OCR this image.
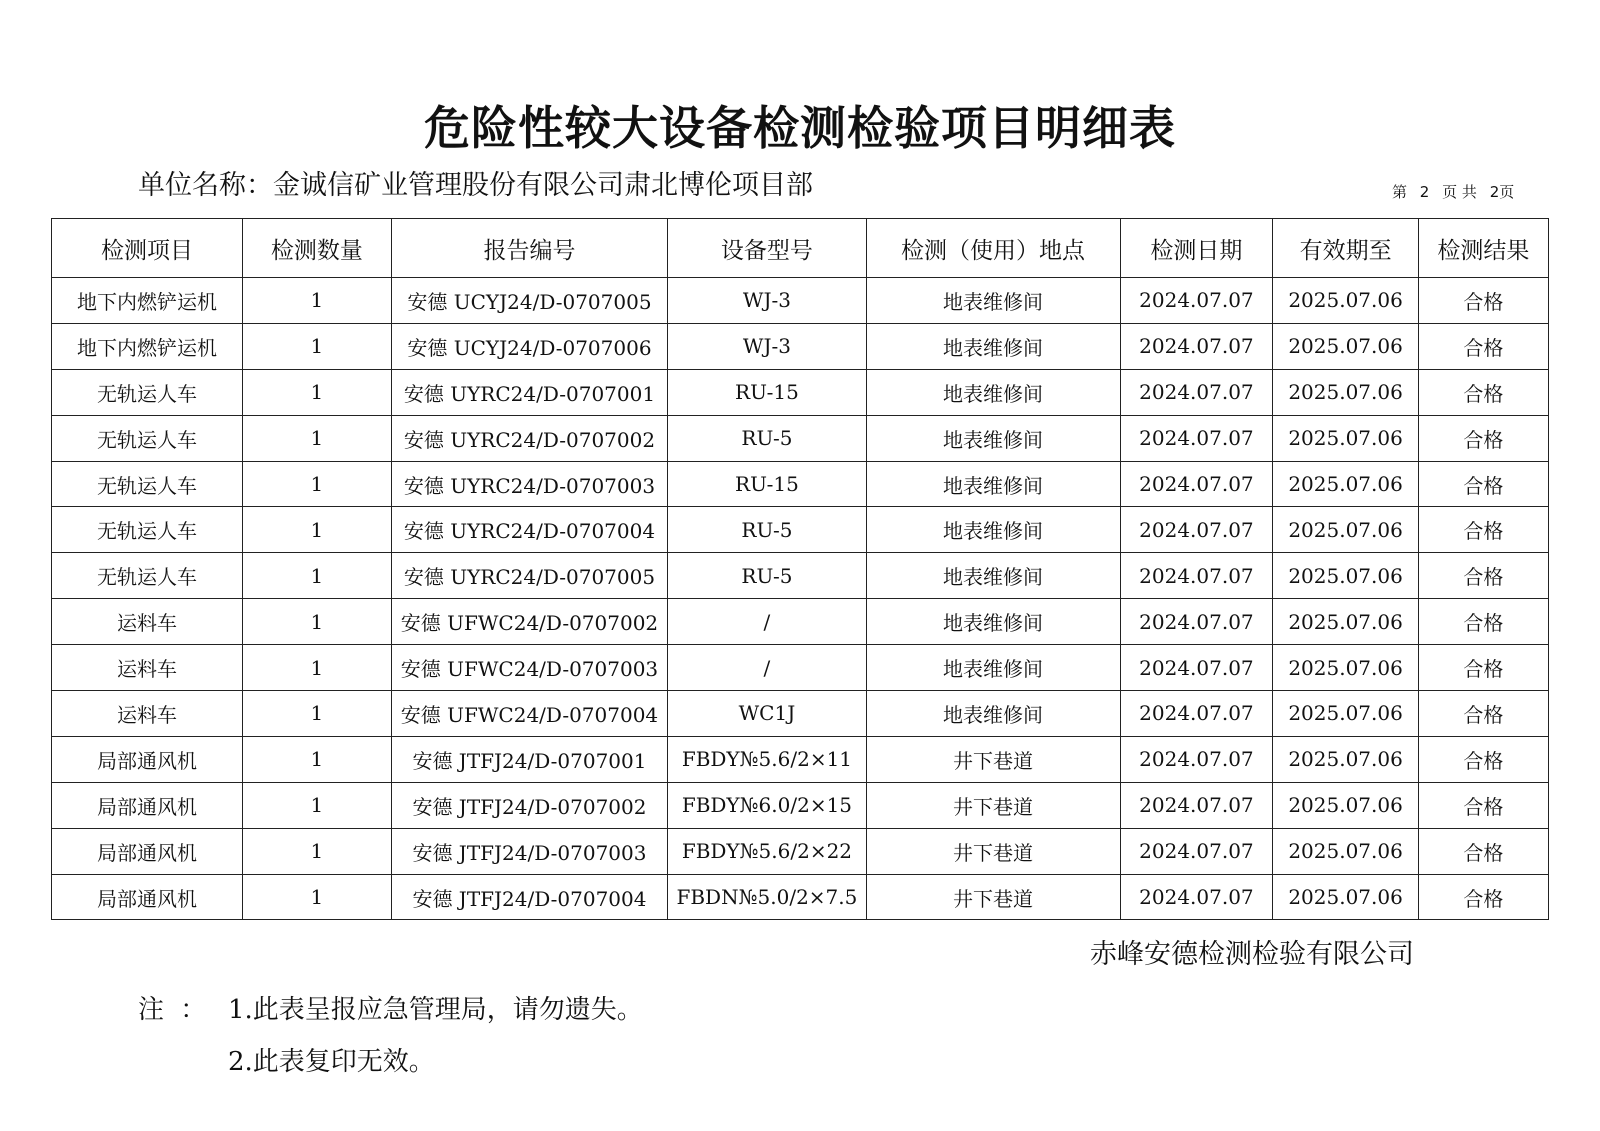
危险性较大设备检测检验项目明细表
单位名称：金诚信矿业管理股份有限公司肃北博伦项目部	第 2 页 共 2页
检测项目	检测数量	报告编号	设备型号	检测（使用）地点	检测日期	有效期至	检测结果
地下内燃铲运机	1	安德 UCYJ24/D-0707005	WJ-3	地表维修间	2024.07.07	2025.07.06	合格
地下内燃铲运机	1	安德 UCYJ24/D-0707006	WJ-3	地表维修间	2024.07.07	2025.07.06	合格
无轨运人车	1	安德 UYRC24/D-0707001	RU-15	地表维修间	2024.07.07	2025.07.06	合格
无轨运人车	1	安德 UYRC24/D-0707002	RU-5	地表维修间	2024.07.07	2025.07.06	合格
无轨运人车	1	安德 UYRC24/D-0707003	RU-15	地表维修间	2024.07.07	2025.07.06	合格
无轨运人车	1	安德 UYRC24/D-0707004	RU-5	地表维修间	2024.07.07	2025.07.06	合格
无轨运人车	1	安德 UYRC24/D-0707005	RU-5	地表维修间	2024.07.07	2025.07.06	合格
运料车	1	安德 UFWC24/D-0707002	/	地表维修间	2024.07.07	2025.07.06	合格
运料车	1	安德 UFWC24/D-0707003	/	地表维修间	2024.07.07	2025.07.06	合格
运料车	1	安德 UFWC24/D-0707004	WC1J	地表维修间	2024.07.07	2025.07.06	合格
局部通风机	1	安德 JTFJ24/D-0707001	FBDY№5.6/2×11	井下巷道	2024.07.07	2025.07.06	合格
局部通风机	1	安德 JTFJ24/D-0707002	FBDY№6.0/2×15	井下巷道	2024.07.07	2025.07.06	合格
局部通风机	1	安德 JTFJ24/D-0707003	FBDY№5.6/2×22	井下巷道	2024.07.07	2025.07.06	合格
局部通风机	1	安德 JTFJ24/D-0707004	FBDN№5.0/2×7.5	井下巷道	2024.07.07	2025.07.06	合格
赤峰安德检测检验有限公司
注 ： 1.此表呈报应急管理局，请勿遗失。
2.此表复印无效。
